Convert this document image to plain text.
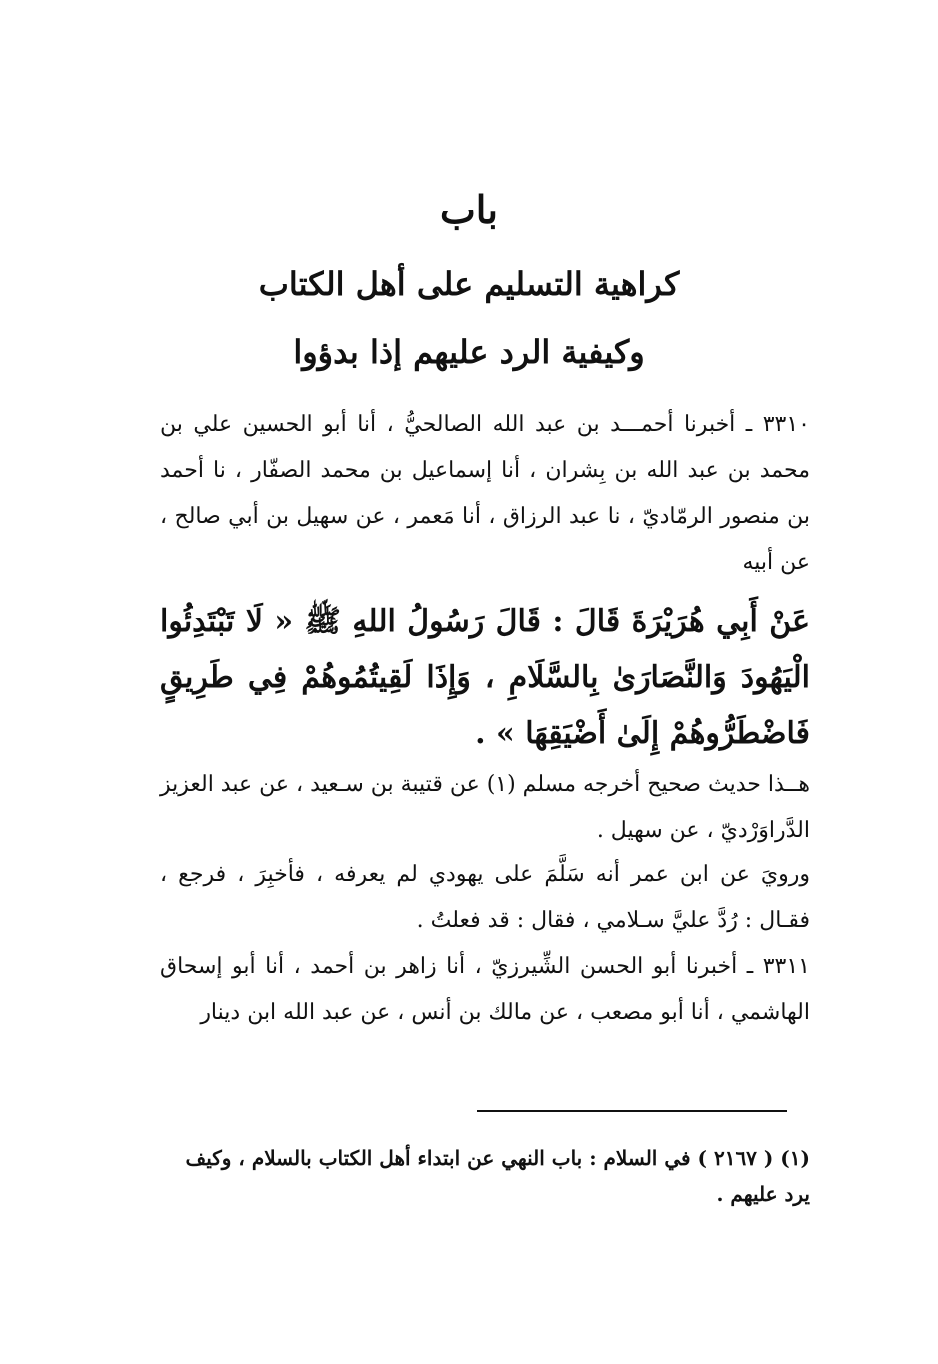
باب
كراهية التسليم على أهل الكتاب
وكيفية الرد عليهم إذا بدؤوا
٣٣١٠ ـ أخبرنا أحمـــد بن عبد الله الصالحيُّ ، أنا أبو الحسين علي بن محمد بن عبد الله بن بِشران ، أنا إسماعيل بن محمد الصفّار ، نا أحمد بن منصور الرمّاديّ ، نا عبد الرزاق ، أنا مَعمر ، عن سهيل بن أبي صالح ، عن أبيه
عَنْ أَبِي هُرَيْرَةَ قَالَ : قَالَ رَسُولُ اللهِ ﷺ « لَا تَبْتَدِئُوا الْيَهُودَ وَالنَّصَارَىٰ بِالسَّلَامِ ، وَإِذَا لَقِيتُمُوهُمْ فِي طَرِيقٍ فَاضْطَرُّوهُمْ إِلَىٰ أَضْيَقِهَا » .
هــذا حديث صحيح أخرجه مسلم (١) عن قتيبة بن سـعيد ، عن عبد العزيز الدَّراوَرْديّ ، عن سهيل .
ورويَ عن ابن عمر أنه سَلَّمَ على يهودي لم يعرفه ، فأخبِرَ ، فرجع ، فقـال : رُدَّ عليَّ سـلامي ، فقال : قد فعلتُ .
٣٣١١ ـ أخبرنا أبو الحسن الشِّيرزيّ ، أنا زاهر بن أحمد ، أنا أبو إسحاق الهاشمي ، أنا أبو مصعب ، عن مالك بن أنس ، عن عبد الله ابن دينار
(١) ( ٢١٦٧ ) في السلام : باب النهي عن ابتداء أهل الكتاب بالسلام ، وكيف يرد عليهم .
